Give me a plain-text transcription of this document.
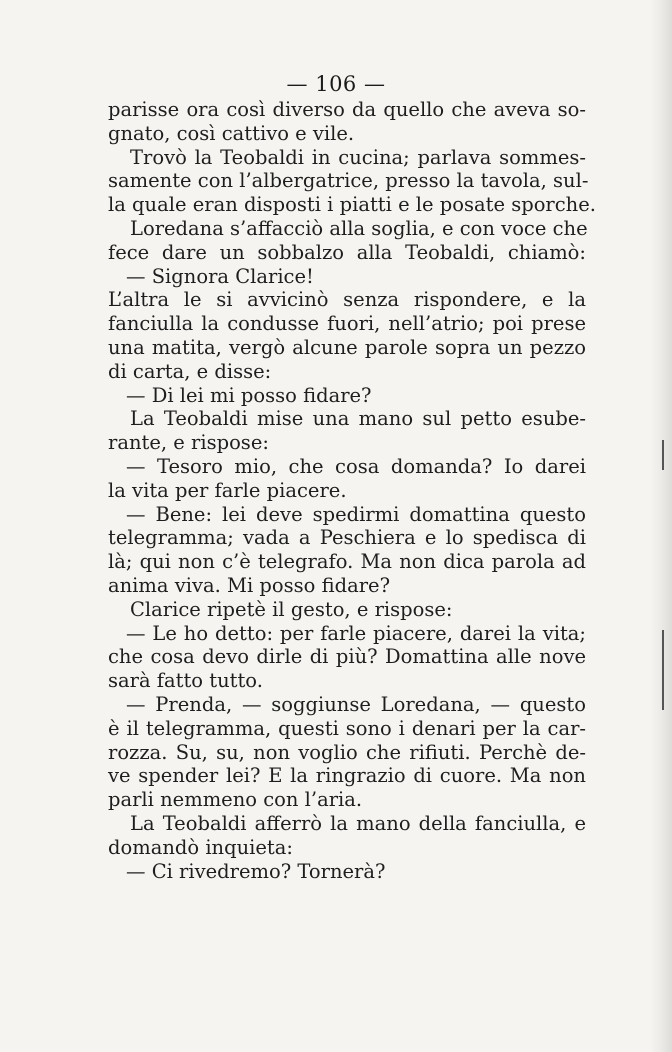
— 106 —
parisse ora così diverso da quello che aveva so-
gnato, così cattivo e vile.
Trovò la Teobaldi in cucina; parlava sommes-
samente con l’albergatrice, presso la tavola, sul-
la quale eran disposti i piatti e le posate sporche.
Loredana s’affacciò alla soglia, e con voce che
fece dare un sobbalzo alla Teobaldi, chiamò:
— Signora Clarice!
L’altra le si avvicinò senza rispondere, e la
fanciulla la condusse fuori, nell’atrio; poi prese
una matita, vergò alcune parole sopra un pezzo
di carta, e disse:
— Di lei mi posso fidare?
La Teobaldi mise una mano sul petto esube-
rante, e rispose:
— Tesoro mio, che cosa domanda? Io darei
la vita per farle piacere.
— Bene: lei deve spedirmi domattina questo
telegramma; vada a Peschiera e lo spedisca di
là; qui non c’è telegrafo. Ma non dica parola ad
anima viva. Mi posso fidare?
Clarice ripetè il gesto, e rispose:
— Le ho detto: per farle piacere, darei la vita;
che cosa devo dirle di più? Domattina alle nove
sarà fatto tutto.
— Prenda, — soggiunse Loredana, — questo
è il telegramma, questi sono i denari per la car-
rozza. Su, su, non voglio che rifiuti. Perchè de-
ve spender lei? E la ringrazio di cuore. Ma non
parli nemmeno con l’aria.
La Teobaldi afferrò la mano della fanciulla, e
domandò inquieta:
— Ci rivedremo? Tornerà?
